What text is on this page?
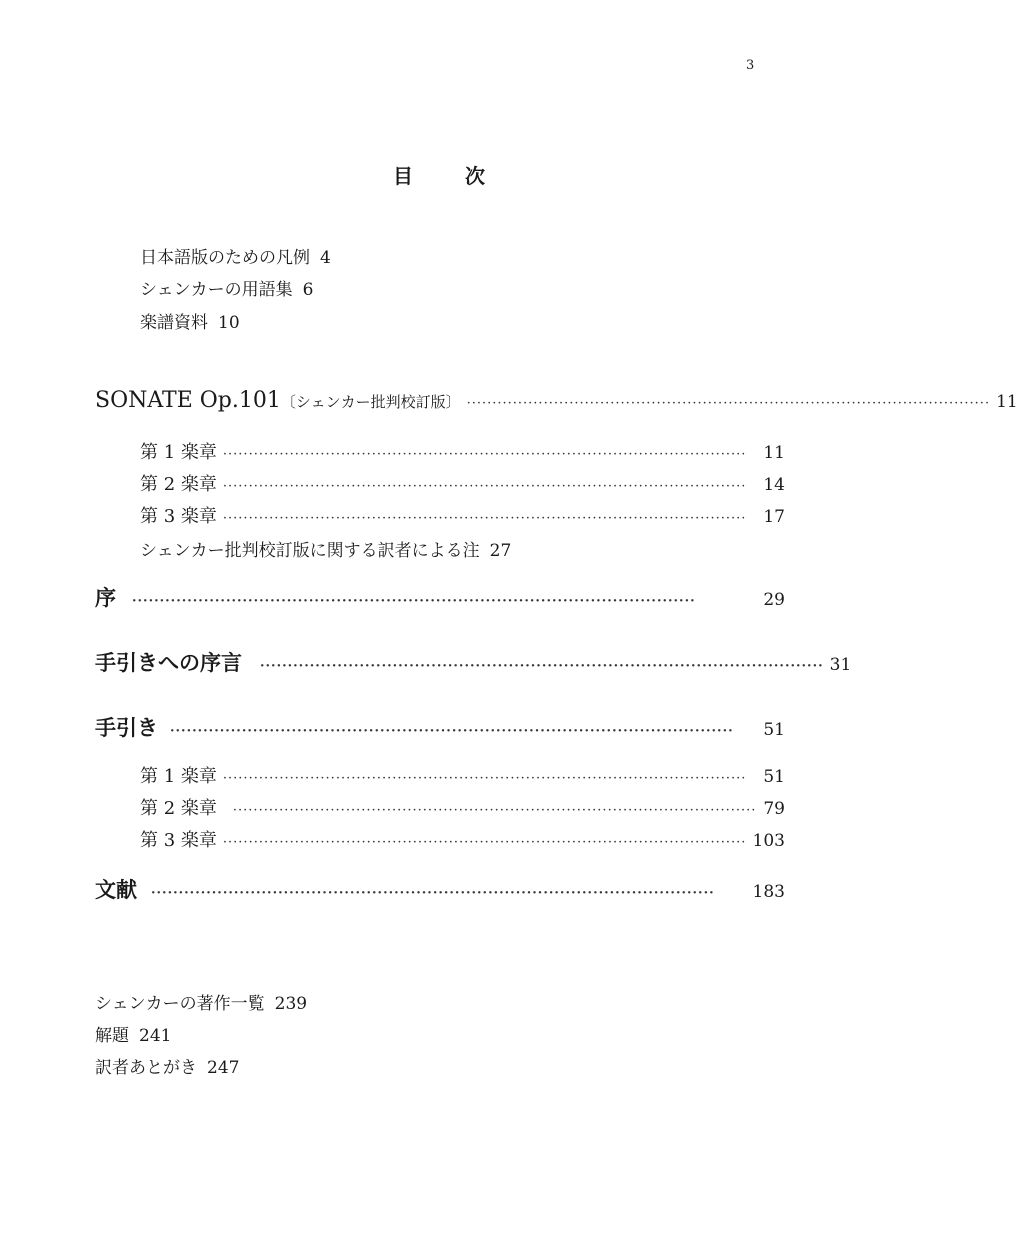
3
目	次
日本語版のための凡例 4
シェンカーの用語集 6
楽譜資料 10
SONATE Op.101 〔シェンカー批判校訂版〕 ······································································································ 11
第 1 楽章 ······································································································ 11
第 2 楽章 ······································································································ 14
第 3 楽章 ······································································································ 17
シェンカー批判校訂版に関する訳者による注 27
序 ······································································································	29
手引きへの序言 ······································································································ 31
手引き ······································································································	51
第 1 楽章 ······································································································ 51
第 2 楽章 ······································································································ 79
第 3 楽章 ······································································································ 103
文献 ······································································································	183
シェンカーの著作一覧 239
解題 241
訳者あとがき 247
